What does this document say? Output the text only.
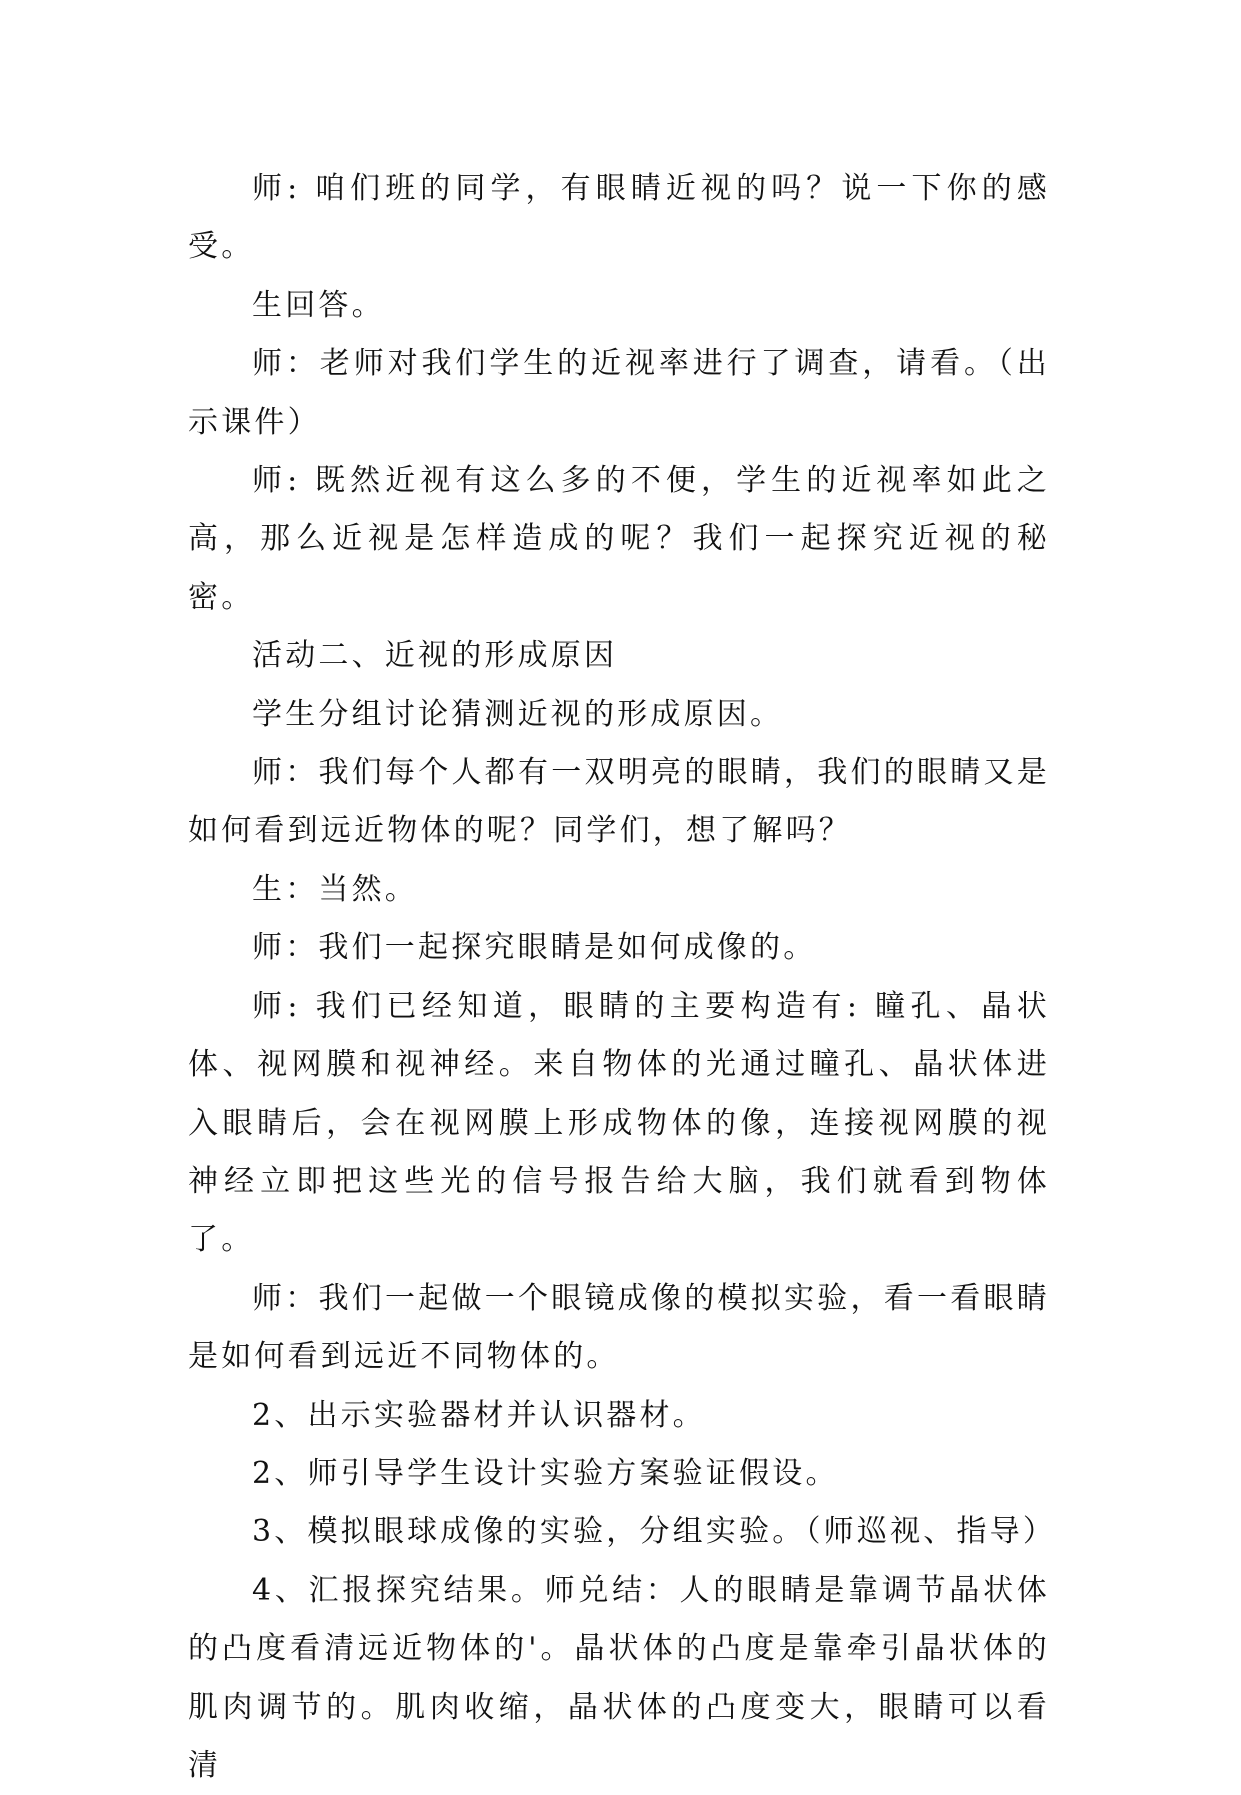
师: 咱们班的同学，有眼睛近视的吗？说一下你的感受。

生回答。

师：老师对我们学生的近视率进行了调查，请看。（出示课件）

师: 既然近视有这么多的不便，学生的近视率如此之高，那么近视是怎样造成的呢？我们一起探究近视的秘密。

活动二、近视的形成原因

学生分组讨论猜测近视的形成原因。

师：我们每个人都有一双明亮的眼睛，我们的眼睛又是如何看到远近物体的呢？同学们，想了解吗？

生：当然。

师：我们一起探究眼睛是如何成像的。

师: 我们已经知道，眼睛的主要构造有: 瞳孔、晶状体、视网膜和视神经。来自物体的光通过瞳孔、晶状体进入眼睛后，会在视网膜上形成物体的像，连接视网膜的视神经立即把这些光的信号报告给大脑，我们就看到物体了。

师：我们一起做一个眼镜成像的模拟实验，看一看眼睛是如何看到远近不同物体的。

2、出示实验器材并认识器材。

2、师引导学生设计实验方案验证假设。

3、模拟眼球成像的实验，分组实验。（师巡视、指导）

4、汇报探究结果。师兑结：人的眼睛是靠调节晶状体的凸度看清远近物体的'。晶状体的凸度是靠牵引晶状体的肌肉调节的。肌肉收缩，晶状体的凸度变大，眼睛可以看清
